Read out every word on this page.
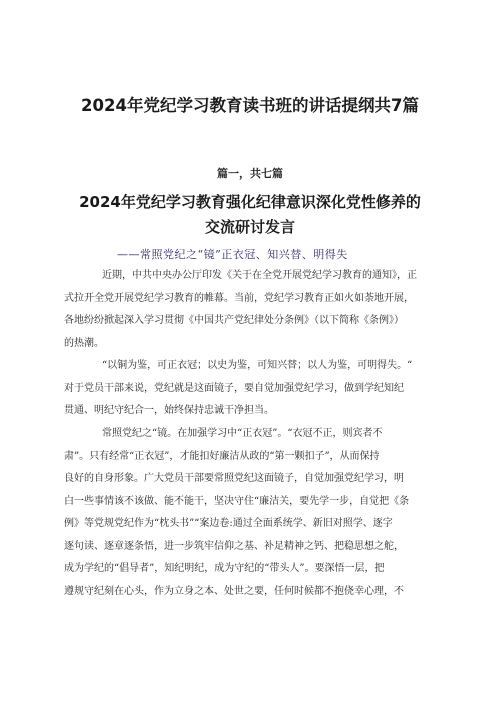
2024年党纪学习教育读书班的讲话提纲共7篇
篇一，共七篇
2024年党纪学习教育强化纪律意识深化党性修养的交流研讨发言
——常照党纪之“镜”正衣冠、知兴替、明得失

近期，中共中央办公厅印发《关于在全党开展党纪学习教育的通知》，正
式拉开全党开展党纪学习教育的帷幕。当前，党纪学习教育正如火如荼地开展，
各地纷纷掀起深入学习贯彻《中国共产党纪律处分条例》（以下简称《条例》）
的热潮。

“以铜为鉴，可正衣冠；以史为鉴，可知兴替；以人为鉴，可明得失。“
对于党员干部来说，党纪就是这面镜子，要自觉加强党纪学习，做到学纪知纪
贯通、明纪守纪合一，始终保持忠诚干净担当。

常照党纪之“镜。在加强学习中“正衣冠”。“衣冠不正，则宾者不
肃”。只有经常“正衣冠”，才能扣好廉洁从政的“第一颗扣子”，从而保持
良好的自身形象。广大党员干部要常照党纪这面镜子，自觉加强党纪学习，明
白一些事情该不该做、能不能干，坚决守住“廉洁关，要先学一步，自觉把《条
例》等党规党纪作为“枕头书”“案边卷:通过全面系统学、新旧对照学、逐字
逐句读、逐章逐条悟，进一步筑牢信仰之基、补足精神之钙、把稳思想之舵，
成为学纪的“倡导者”，知纪明纪，成为守纪的“带头人”。要深悟一层，把
遵规守纪刻在心头，作为立身之本、处世之要，任何时候都不抱侥幸心理，不
